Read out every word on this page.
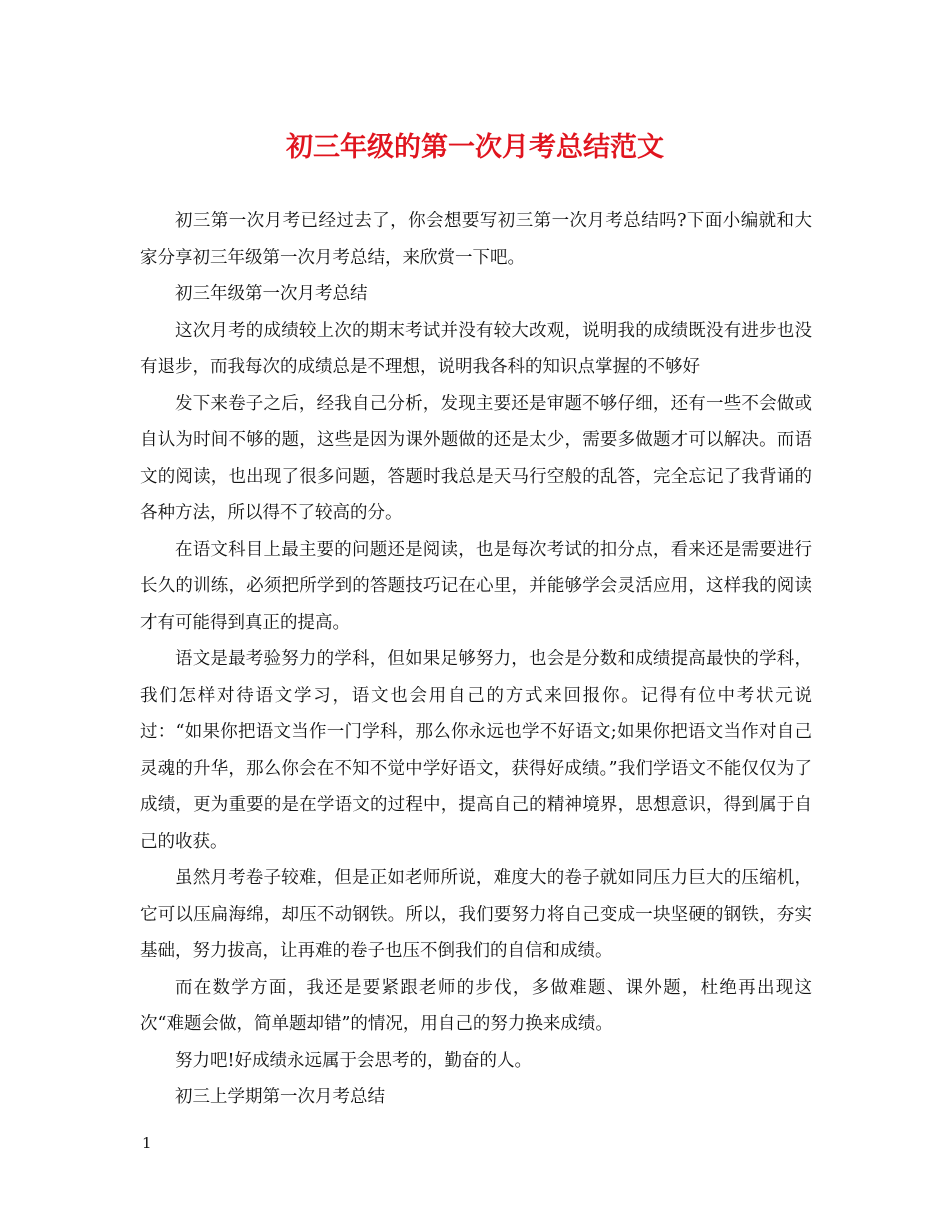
初三年级的第一次月考总结范文

初三第一次月考已经过去了，你会想要写初三第一次月考总结吗?下面小编就和大家分享初三年级第一次月考总结，来欣赏一下吧。

初三年级第一次月考总结

这次月考的成绩较上次的期末考试并没有较大改观，说明我的成绩既没有进步也没有退步，而我每次的成绩总是不理想，说明我各科的知识点掌握的不够好

发下来卷子之后，经我自己分析，发现主要还是审题不够仔细，还有一些不会做或自认为时间不够的题，这些是因为课外题做的还是太少，需要多做题才可以解决。而语文的阅读，也出现了很多问题，答题时我总是天马行空般的乱答，完全忘记了我背诵的各种方法，所以得不了较高的分。

在语文科目上最主要的问题还是阅读，也是每次考试的扣分点，看来还是需要进行长久的训练，必须把所学到的答题技巧记在心里，并能够学会灵活应用，这样我的阅读才有可能得到真正的提高。

语文是最考验努力的学科，但如果足够努力，也会是分数和成绩提高最快的学科，我们怎样对待语文学习，语文也会用自己的方式来回报你。记得有位中考状元说过：“如果你把语文当作一门学科，那么你永远也学不好语文;如果你把语文当作对自己灵魂的升华，那么你会在不知不觉中学好语文，获得好成绩。”我们学语文不能仅仅为了成绩，更为重要的是在学语文的过程中，提高自己的精神境界，思想意识，得到属于自己的收获。

虽然月考卷子较难，但是正如老师所说，难度大的卷子就如同压力巨大的压缩机，它可以压扁海绵，却压不动钢铁。所以，我们要努力将自己变成一块坚硬的钢铁，夯实基础，努力拔高，让再难的卷子也压不倒我们的自信和成绩。

而在数学方面，我还是要紧跟老师的步伐，多做难题、课外题，杜绝再出现这次“难题会做，简单题却错”的情况，用自己的努力换来成绩。

努力吧!好成绩永远属于会思考的，勤奋的人。

初三上学期第一次月考总结

1
